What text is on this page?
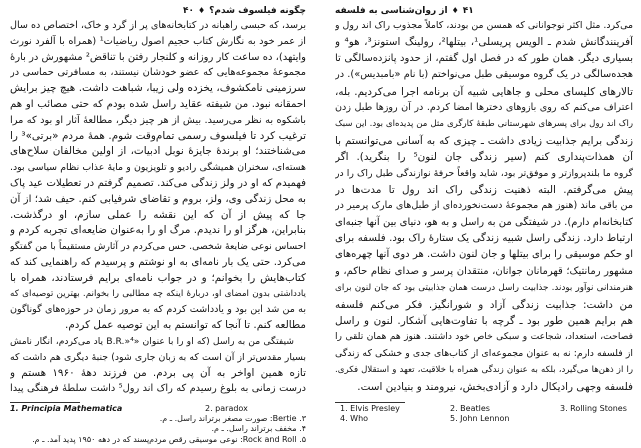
چگونه فیلسوف شدم؟
♦
۴۰
برسد، که حبسی راهبانه در کتابخانه‌های پر از گرد و خاک، اختصاص ده سال
از عمر خود به نگارش کتاب حجیم اصول ریاضیات¹ (همراه با آلفرد نورث
وایتهد)، ده ساعت کار روزانه و کلنجار رفتن با تناقض² مشهورش در بارهٔ
مجموعهٔ مجموعه‌هایی که عضو خودشان نیستند، به مسافرتی حماسی در
سرزمینی نامکشوف، یخزده ولی زیبا، شباهت داشت. هیچ چیز برایش
احمقانه نبود. من شیفته عقاید راسل شده بودم که حتی مصائب او هم
باشکوه به نظر می‌رسید. بیش از هر چیز دیگر، مطالعهٔ آثار او بود که مرا
ترغیب کرد تا فیلسوف رسمی تمام‌وقت شوم. همهٔ مردم «برتی»³ را
می‌شناختند؛ او برندهٔ جایزهٔ نوبل ادبیات، از اولین مخالفان سلاح‌های
هسته‌ای، سخنران همیشگی رادیو و تلویزیون و مایهٔ عذاب نظام سیاسی بود.
فهمیدم که او در ولز زندگی می‌کند. تصمیم گرفتم در تعطیلات عید پاک
به محل زندگی وی، ولز، بروم و تقاضای شرفیابی کنم. حیف شد؛ از آن
جا که پیش از آن که این نقشه را عملی سازم، او درگذشت.
بنابراین، هرگز او را ندیدم. مرگ او را به‌عنوان ضایعه‌ای تجربه کردم و
احساس نوعی ضایعهٔ شخصی. حس می‌کردم در آثارش مستقیماً با من گفتگو
می‌کرد. حتی یک بار نامه‌ای به او نوشتم و پرسیدم که راهنمایی کند که
کتاب‌هایش را بخوانم؛ و در جواب نامه‌ای برایم فرستادند، همراه با
یادداشتی بدون امضای او، دربارهٔ اینکه چه مطالبی را بخوانم. بهترین توصیه‌ای که
به من شد این بود و یادداشت کردم که به مرور زمان در حوزه‌های گوناگون
مطالعه کنم. تا آنجا که توانستم به این توصیه عمل کردم.
شیفتگی من به راسل (که او را با عنوان «B.R.»⁴ یاد می‌کردم، انگار نامش
بسیار مقدس‌تر از آن است که به زبان جاری شود) جنبهٔ دیگری هم داشت که
تازه همین اواخر به آن پی بردم. من فرزند دههٔ ۱۹۶۰ هستم و
درست زمانی به بلوغ رسیدم که راک اند رول⁵ داشت سلطهٔ فرهنگی پیدا
1. Principia Mathematica	2. paradox
۳. Bertie: صورت مصغر برتراند راسل. ـ م.
۴. مخفف برتراند راسل. ـ م.
۵. Rock and Roll: نوعی موسیقی رقص مردم‌پسند که در دهه ۱۹۵۰ پدید آمد. ـ م.
۴۱
♦
از روان‌شناسی به فلسفه
می‌کرد. مثل اکثر نوجوانانی که همسن من بودند، کاملاً مجذوب راک اند رول و
آفرینندگانش شدم ـ الویس پریسلی¹، بیتلها²، رولینگ استونز³، هو⁴ و
بسیاری دیگر. همان طور که در فصل اول گفتم، از حدود پانزده‌سالگی تا
هجده‌سالگی در یک گروه موسیقی طبل می‌نواختم (با نام «بامبدیس»). در
تالارهای کلیسای محلی و جاهایی شبیه آن برنامه اجرا می‌کردیم. بله،
اعتراف می‌کنم که روی بازوهای دخترها امضا کردم. در آن روزها طبل زدن
راک اند رول برای پسرهای شهرستانی طبقهٔ کارگری مثل من پدیده‌ای بود. این سبک
زندگی برایم جذابیت زیادی داشت ـ چیزی که به آسانی می‌توانستم با
آن همذات‌پنداری کنم (سیر زندگی جان لنون⁵ را بنگرید). اگر
گروه ما بلندپروازتر و موفق‌تر بود، شاید واقعاً حرفهٔ نوازندگی طبل راک را در
پیش می‌گرفتم. البته ذهنیت زندگی راک اند رول تا مدت‌ها در
من باقی ماند (هنوز هم مجموعهٔ دست‌نخورده‌ای از طبل‌های مارک پرمیر در
کتابخانه‌ام دارم). در شیفتگی من به راسل و به هو، دنیای بین آنها جنبه‌ای
ارتباط دارد. زندگی راسل شبیه زندگی یک ستارهٔ راک بود. فلسفه برای
او حکم موسیقی را برای بیتلها و جان لنون داشت. هر دوی آنها چهره‌های
مشهور رمانتیک؛ قهرمانان جوانان، منتقدان پرسر و صدای نظام حاکم، و
هنرمندانی نوآور بودند. جذابیت راسل درست همان جذابیتی بود که جان لنون برای
من داشت: جذابیت زندگی آزاد و شورانگیز. فکر می‌کنم فلسفه
هم برایم همین طور بود ـ گرچه با تفاوت‌هایی آشکار. لنون و راسل
فصاحت، استعداد، شجاعت و سبکی خاص خود داشتند. هنوز هم همان تلقی را
از فلسفه دارم: نه به عنوان مجموعه‌ای از کتاب‌های جدی و خشکی که زندگی
را از ذهن‌ها می‌گیرد، بلکه به عنوان زندگی همراه با خلاقیت، تعهد و استقلال فکری.
فلسفه وجهی رادیکال دارد و آزادی‌بخش، نیرومند و بنیادین است.
1. Elvis Presley	2. Beatles	3. Rolling Stones
4. Who	5. John Lennon
